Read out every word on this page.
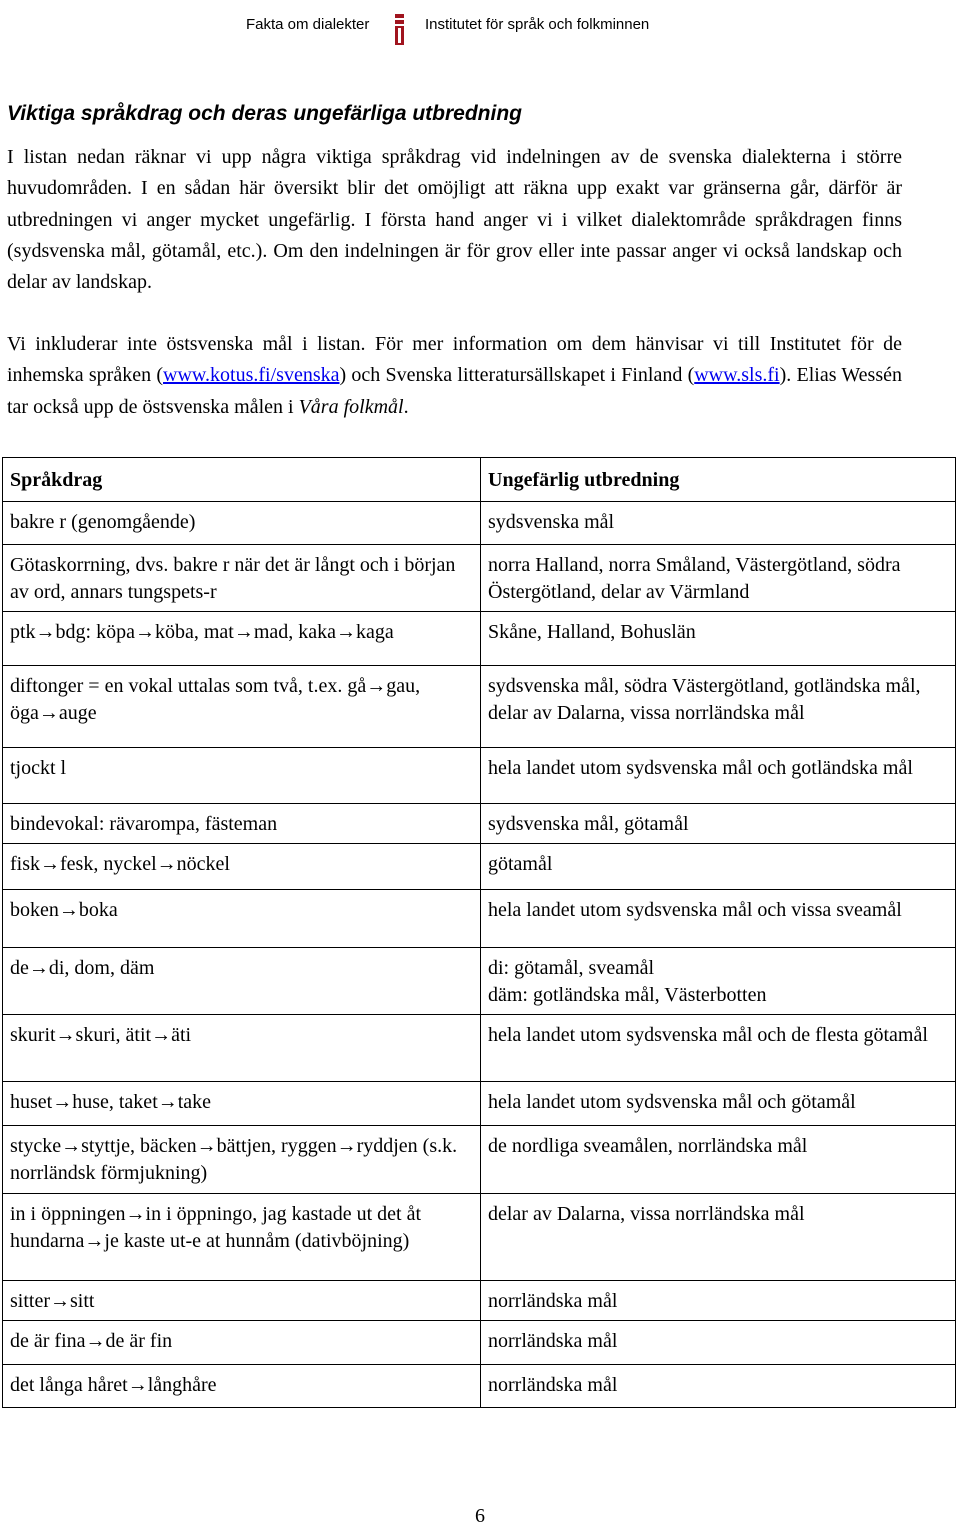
Fakta om dialekter	Institutet för språk och folkminnen
Viktiga språkdrag och deras ungefärliga utbredning

I listan nedan räknar vi upp några viktiga språkdrag vid indelningen av de svenska dialekterna i större huvudområden. I en sådan här översikt blir det omöjligt att räkna upp exakt var gränserna går, därför är utbredningen vi anger mycket ungefärlig. I första hand anger vi i vilket dialektområde språkdragen finns (sydsvenska mål, götamål, etc.). Om den indelningen är för grov eller inte passar anger vi också landskap och delar av landskap.

Vi inkluderar inte östsvenska mål i listan. För mer information om dem hänvisar vi till Institutet för de inhemska språken (www.kotus.fi/svenska) och Svenska litteratursällskapet i Finland (www.sls.fi). Elias Wessén tar också upp de östsvenska målen i Våra folkmål.

Språkdrag	Ungefärlig utbredning
bakre r (genomgående)	sydsvenska mål
Götaskorrning, dvs. bakre r när det är långt och i början av ord, annars tungspets-r	norra Halland, norra Småland, Västergötland, södra Östergötland, delar av Värmland
ptk→bdg: köpa→köba, mat→mad, kaka→kaga	Skåne, Halland, Bohuslän
diftonger = en vokal uttalas som två, t.ex. gå→gau, öga→auge	sydsvenska mål, södra Västergötland, gotländska mål, delar av Dalarna, vissa norrländska mål
tjockt l	hela landet utom sydsvenska mål och gotländska mål
bindevokal: rävarompa, fästeman	sydsvenska mål, götamål
fisk→fesk, nyckel→nöckel	götamål
boken→boka	hela landet utom sydsvenska mål och vissa sveamål
de→di, dom, däm	di: götamål, sveamål
däm: gotländska mål, Västerbotten
skurit→skuri, ätit→äti	hela landet utom sydsvenska mål och de flesta götamål
huset→huse, taket→take	hela landet utom sydsvenska mål och götamål
stycke→styttje, bäcken→bättjen, ryggen→ryddjen (s.k. norrländsk förmjukning)	de nordliga sveamålen, norrländska mål
in i öppningen→in i öppningo, jag kastade ut det åt hundarna→je kaste ut-e at hunnåm (dativböjning)	delar av Dalarna, vissa norrländska mål
sitter→sitt	norrländska mål
de är fina→de är fin	norrländska mål
det långa håret→långhåre	norrländska mål
6
